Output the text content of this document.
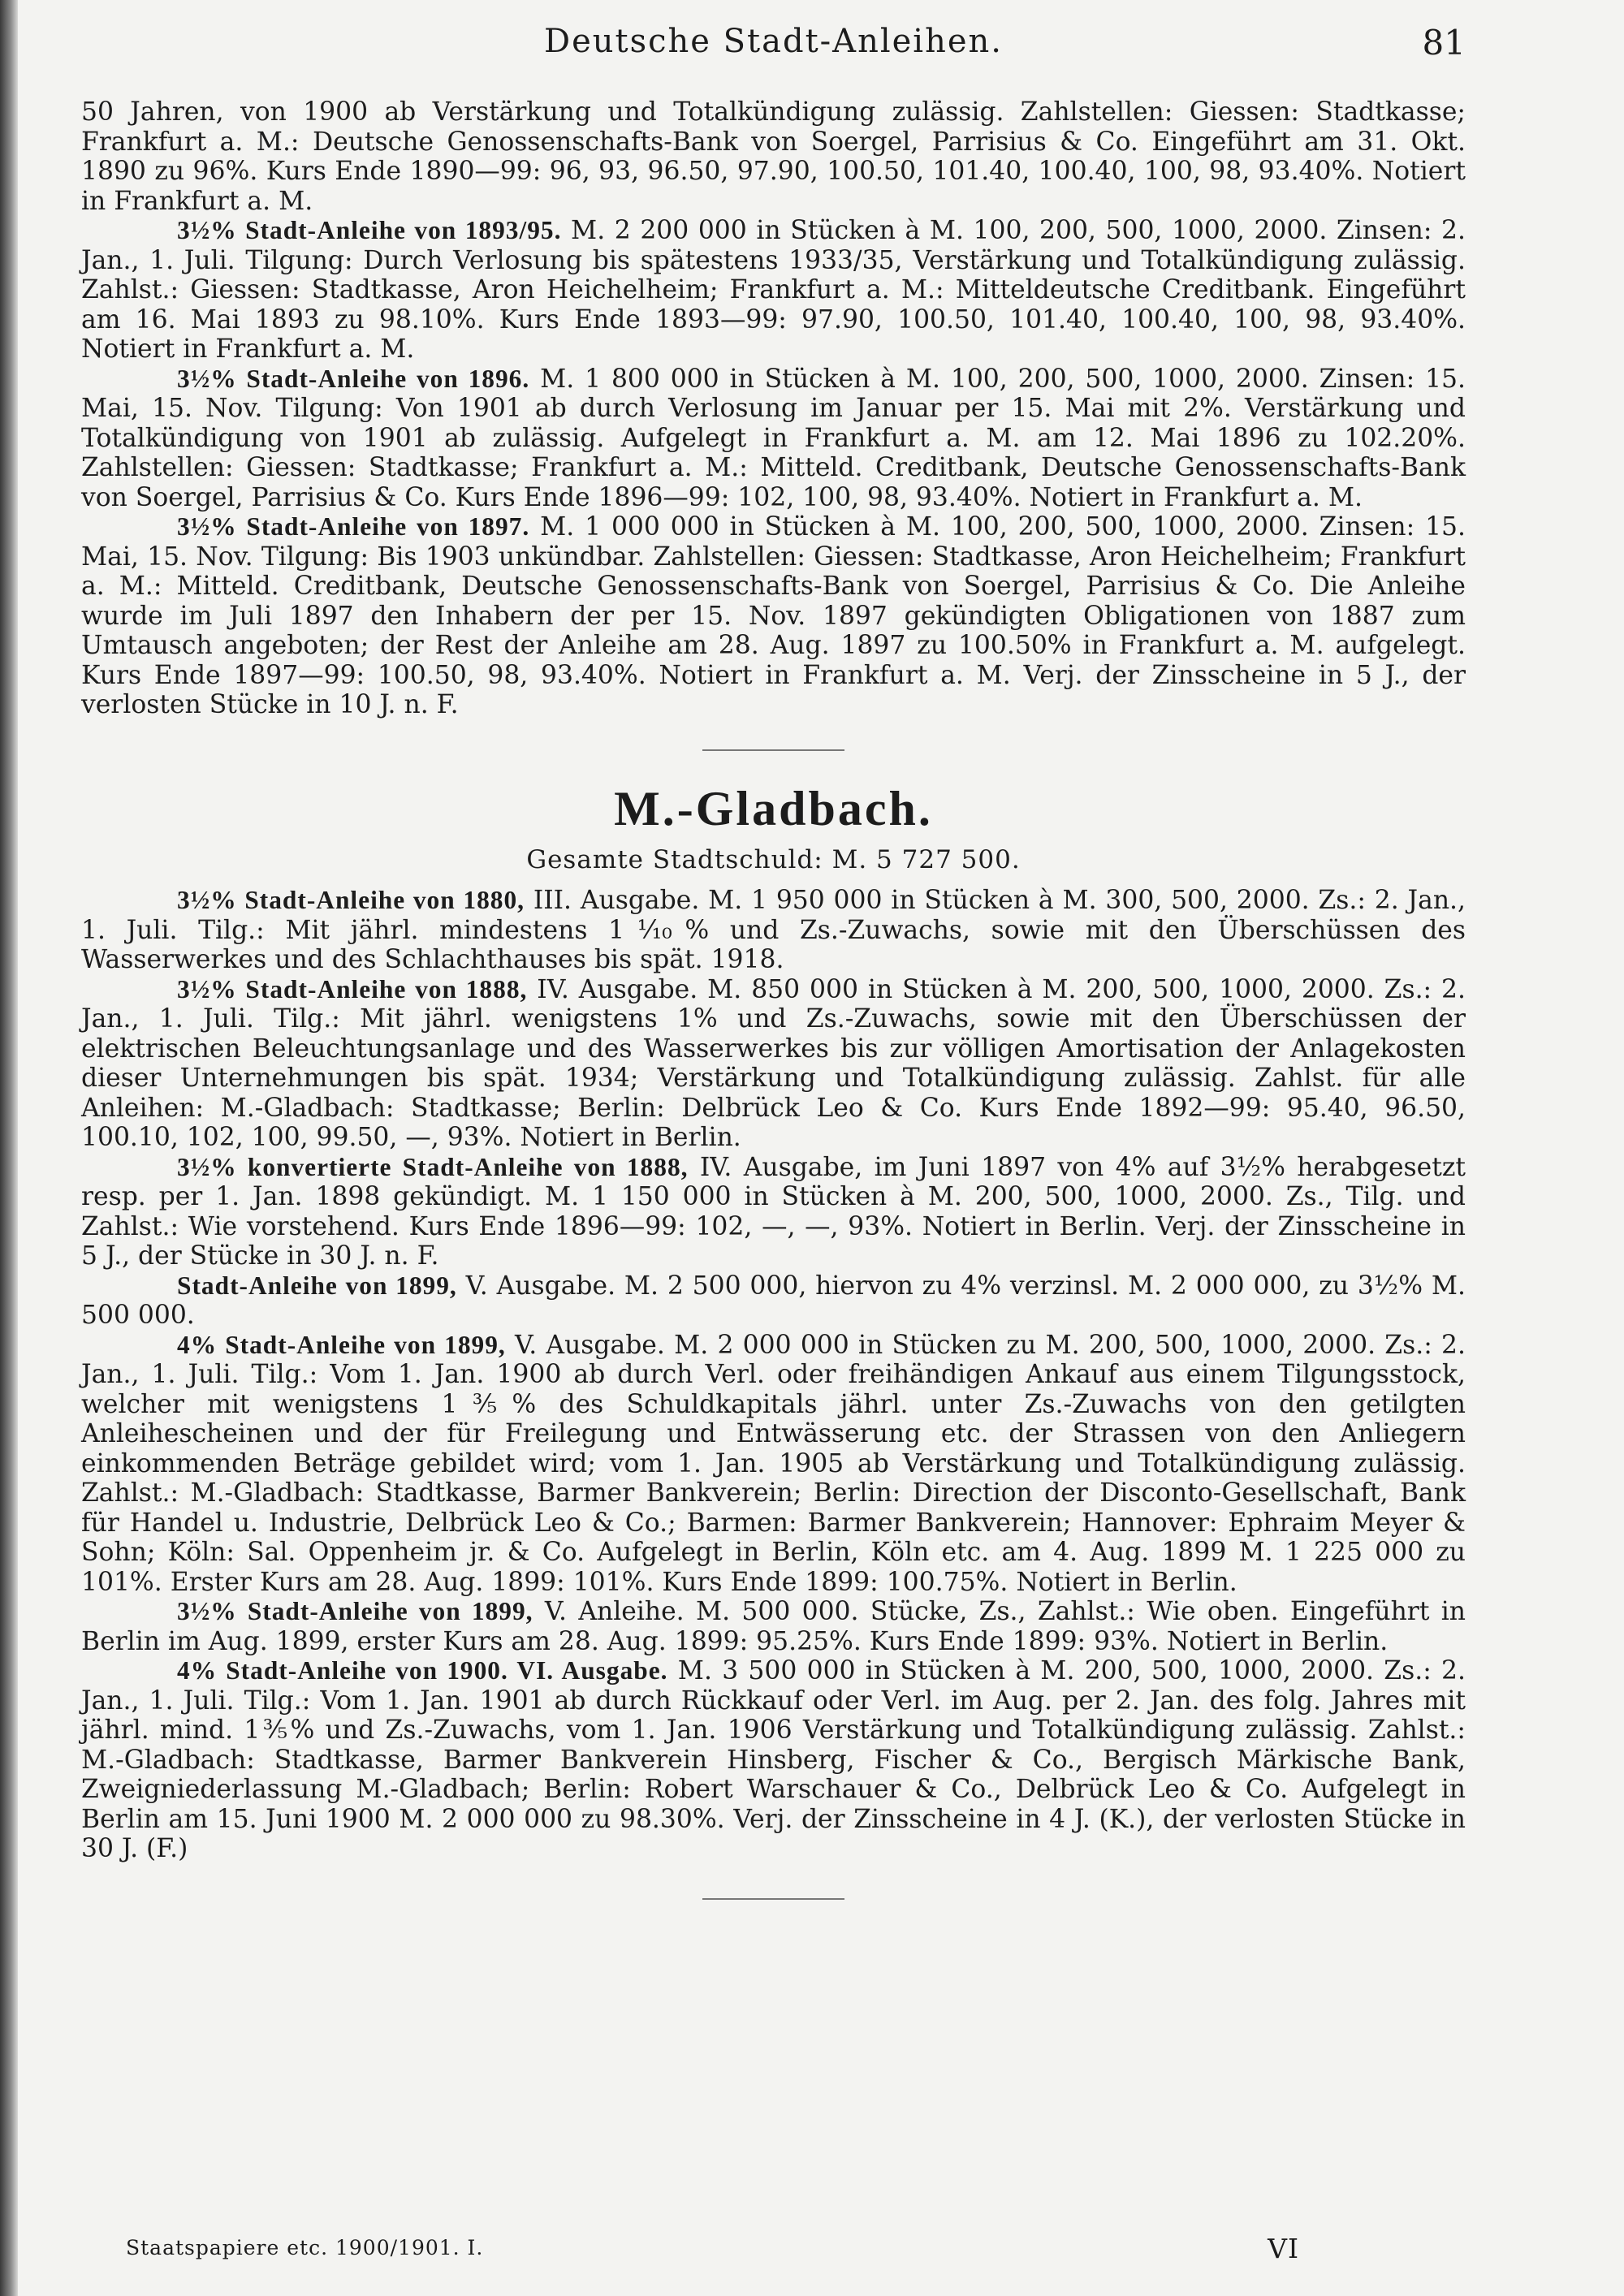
Deutsche Stadt-Anleihen.	81

50 Jahren, von 1900 ab Verstärkung und Totalkündigung zulässig. Zahlstellen: Giessen: Stadtkasse; Frankfurt a. M.: Deutsche Genossenschafts-Bank von Soergel, Parrisius & Co. Eingeführt am 31. Okt. 1890 zu 96%. Kurs Ende 1890—99: 96, 93, 96.50, 97.90, 100.50, 101.40, 100.40, 100, 98, 93.40%. Notiert in Frankfurt a. M.

3½% Stadt-Anleihe von 1893/95. M. 2 200 000 in Stücken à M. 100, 200, 500, 1000, 2000. Zinsen: 2. Jan., 1. Juli. Tilgung: Durch Verlosung bis spätestens 1933/35, Verstärkung und Totalkündigung zulässig. Zahlst.: Giessen: Stadtkasse, Aron Heichelheim; Frankfurt a. M.: Mitteldeutsche Creditbank. Eingeführt am 16. Mai 1893 zu 98.10%. Kurs Ende 1893—99: 97.90, 100.50, 101.40, 100.40, 100, 98, 93.40%. Notiert in Frankfurt a. M.

3½% Stadt-Anleihe von 1896. M. 1 800 000 in Stücken à M. 100, 200, 500, 1000, 2000. Zinsen: 15. Mai, 15. Nov. Tilgung: Von 1901 ab durch Verlosung im Januar per 15. Mai mit 2%. Verstärkung und Totalkündigung von 1901 ab zulässig. Aufgelegt in Frankfurt a. M. am 12. Mai 1896 zu 102.20%. Zahlstellen: Giessen: Stadtkasse; Frankfurt a. M.: Mitteld. Creditbank, Deutsche Genossenschafts-Bank von Soergel, Parrisius & Co. Kurs Ende 1896—99: 102, 100, 98, 93.40%. Notiert in Frankfurt a. M.

3½% Stadt-Anleihe von 1897. M. 1 000 000 in Stücken à M. 100, 200, 500, 1000, 2000. Zinsen: 15. Mai, 15. Nov. Tilgung: Bis 1903 unkündbar. Zahlstellen: Giessen: Stadtkasse, Aron Heichelheim; Frankfurt a. M.: Mitteld. Creditbank, Deutsche Genossenschafts-Bank von Soergel, Parrisius & Co. Die Anleihe wurde im Juli 1897 den Inhabern der per 15. Nov. 1897 gekündigten Obligationen von 1887 zum Umtausch angeboten; der Rest der Anleihe am 28. Aug. 1897 zu 100.50% in Frankfurt a. M. aufgelegt. Kurs Ende 1897—99: 100.50, 98, 93.40%. Notiert in Frankfurt a. M. Verj. der Zinsscheine in 5 J., der verlosten Stücke in 10 J. n. F.

M.-Gladbach.
Gesamte Stadtschuld: M. 5 727 500.

3½% Stadt-Anleihe von 1880, III. Ausgabe. M. 1 950 000 in Stücken à M. 300, 500, 2000. Zs.: 2. Jan., 1. Juli. Tilg.: Mit jährl. mindestens 1⅒% und Zs.-Zuwachs, sowie mit den Überschüssen des Wasserwerkes und des Schlachthauses bis spät. 1918.

3½% Stadt-Anleihe von 1888, IV. Ausgabe. M. 850 000 in Stücken à M. 200, 500, 1000, 2000. Zs.: 2. Jan., 1. Juli. Tilg.: Mit jährl. wenigstens 1% und Zs.-Zuwachs, sowie mit den Überschüssen der elektrischen Beleuchtungsanlage und des Wasserwerkes bis zur völligen Amortisation der Anlagekosten dieser Unternehmungen bis spät. 1934; Verstärkung und Totalkündigung zulässig. Zahlst. für alle Anleihen: M.-Gladbach: Stadtkasse; Berlin: Delbrück Leo & Co. Kurs Ende 1892—99: 95.40, 96.50, 100.10, 102, 100, 99.50, —, 93%. Notiert in Berlin.

3½% konvertierte Stadt-Anleihe von 1888, IV. Ausgabe, im Juni 1897 von 4% auf 3½% herabgesetzt resp. per 1. Jan. 1898 gekündigt. M. 1 150 000 in Stücken à M. 200, 500, 1000, 2000. Zs., Tilg. und Zahlst.: Wie vorstehend. Kurs Ende 1896—99: 102, —, —, 93%. Notiert in Berlin. Verj. der Zinsscheine in 5 J., der Stücke in 30 J. n. F.

Stadt-Anleihe von 1899, V. Ausgabe. M. 2 500 000, hiervon zu 4% verzinsl. M. 2 000 000, zu 3½% M. 500 000.

4% Stadt-Anleihe von 1899, V. Ausgabe. M. 2 000 000 in Stücken zu M. 200, 500, 1000, 2000. Zs.: 2. Jan., 1. Juli. Tilg.: Vom 1. Jan. 1900 ab durch Verl. oder freihändigen Ankauf aus einem Tilgungsstock, welcher mit wenigstens 1⅗% des Schuldkapitals jährl. unter Zs.-Zuwachs von den getilgten Anleihescheinen und der für Freilegung und Entwässerung etc. der Strassen von den Anliegern einkommenden Beträge gebildet wird; vom 1. Jan. 1905 ab Verstärkung und Totalkündigung zulässig. Zahlst.: M.-Gladbach: Stadtkasse, Barmer Bankverein; Berlin: Direction der Disconto-Gesellschaft, Bank für Handel u. Industrie, Delbrück Leo & Co.; Barmen: Barmer Bankverein; Hannover: Ephraim Meyer & Sohn; Köln: Sal. Oppenheim jr. & Co. Aufgelegt in Berlin, Köln etc. am 4. Aug. 1899 M. 1 225 000 zu 101%. Erster Kurs am 28. Aug. 1899: 101%. Kurs Ende 1899: 100.75%. Notiert in Berlin.

3½% Stadt-Anleihe von 1899, V. Anleihe. M. 500 000. Stücke, Zs., Zahlst.: Wie oben. Eingeführt in Berlin im Aug. 1899, erster Kurs am 28. Aug. 1899: 95.25%. Kurs Ende 1899: 93%. Notiert in Berlin.

4% Stadt-Anleihe von 1900. VI. Ausgabe. M. 3 500 000 in Stücken à M. 200, 500, 1000, 2000. Zs.: 2. Jan., 1. Juli. Tilg.: Vom 1. Jan. 1901 ab durch Rückkauf oder Verl. im Aug. per 2. Jan. des folg. Jahres mit jährl. mind. 1⅗% und Zs.-Zuwachs, vom 1. Jan. 1906 Verstärkung und Totalkündigung zulässig. Zahlst.: M.-Gladbach: Stadtkasse, Barmer Bankverein Hinsberg, Fischer & Co., Bergisch Märkische Bank, Zweigniederlassung M.-Gladbach; Berlin: Robert Warschauer & Co., Delbrück Leo & Co. Aufgelegt in Berlin am 15. Juni 1900 M. 2 000 000 zu 98.30%. Verj. der Zinsscheine in 4 J. (K.), der verlosten Stücke in 30 J. (F.)

Staatspapiere etc. 1900/1901. I.	VI
